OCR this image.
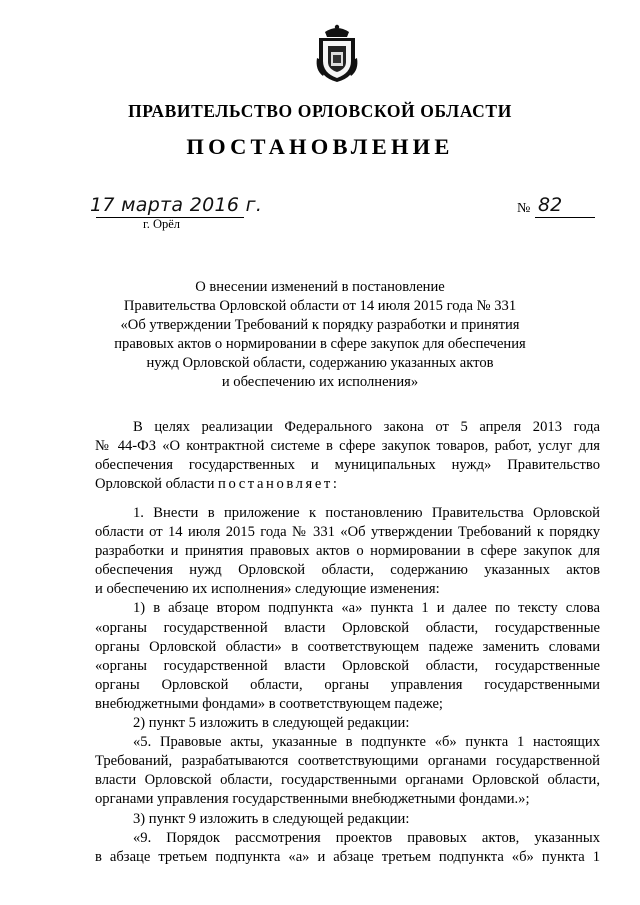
ПРАВИТЕЛЬСТВО ОРЛОВСКОЙ ОБЛАСТИ
ПОСТАНОВЛЕНИЕ
17 марта 2016 г.
г. Орёл
№ 82
О внесении изменений в постановление
Правительства Орловской области от 14 июля 2015 года № 331
«Об утверждении Требований к порядку разработки и принятия
правовых актов о нормировании в сфере закупок для обеспечения
нужд Орловской области, содержанию указанных актов
и обеспечению их исполнения»

В целях реализации Федерального закона от 5 апреля 2013 года

№ 44-ФЗ «О контрактной системе в сфере закупок товаров, работ, услуг для

обеспечения государственных и муниципальных нужд» Правительство

Орловской области постановляет:

1. Внести в приложение к постановлению Правительства Орловской

области от 14 июля 2015 года № 331 «Об утверждении Требований к порядку

разработки и принятия правовых актов о нормировании в сфере закупок для

обеспечения нужд Орловской области, содержанию указанных актов

и обеспечению их исполнения» следующие изменения:

1) в абзаце втором подпункта «а» пункта 1 и далее по тексту слова

«органы государственной власти Орловской области, государственные

органы Орловской области» в соответствующем падеже заменить словами

«органы государственной власти Орловской области, государственные

органы Орловской области, органы управления государственными

внебюджетными фондами» в соответствующем падеже;

2) пункт 5 изложить в следующей редакции:

«5. Правовые акты, указанные в подпункте «б» пункта 1 настоящих

Требований, разрабатываются соответствующими органами государственной

власти Орловской области, государственными органами Орловской области,

органами управления государственными внебюджетными фондами.»;

3) пункт 9 изложить в следующей редакции:

«9. Порядок рассмотрения проектов правовых актов, указанных

в абзаце третьем подпункта «а» и абзаце третьем подпункта «б» пункта 1
